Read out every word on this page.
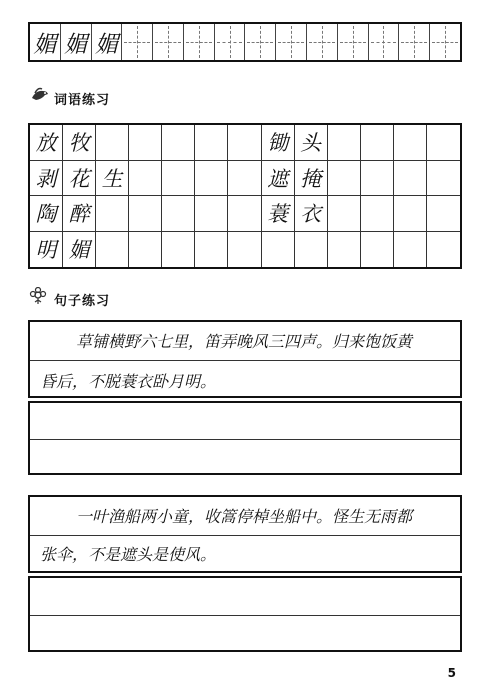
媚 媚 媚
词语练习
放 牧	锄 头
剥 花 生	遮 掩
陶 醉	蓑 衣
明 媚
句子练习
草铺横野六七里，笛弄晚风三四声。归来饱饭黄
昏后，不脱蓑衣卧月明。
一叶渔船两小童，收篙停棹坐船中。怪生无雨都
张伞，不是遮头是使风。
5
